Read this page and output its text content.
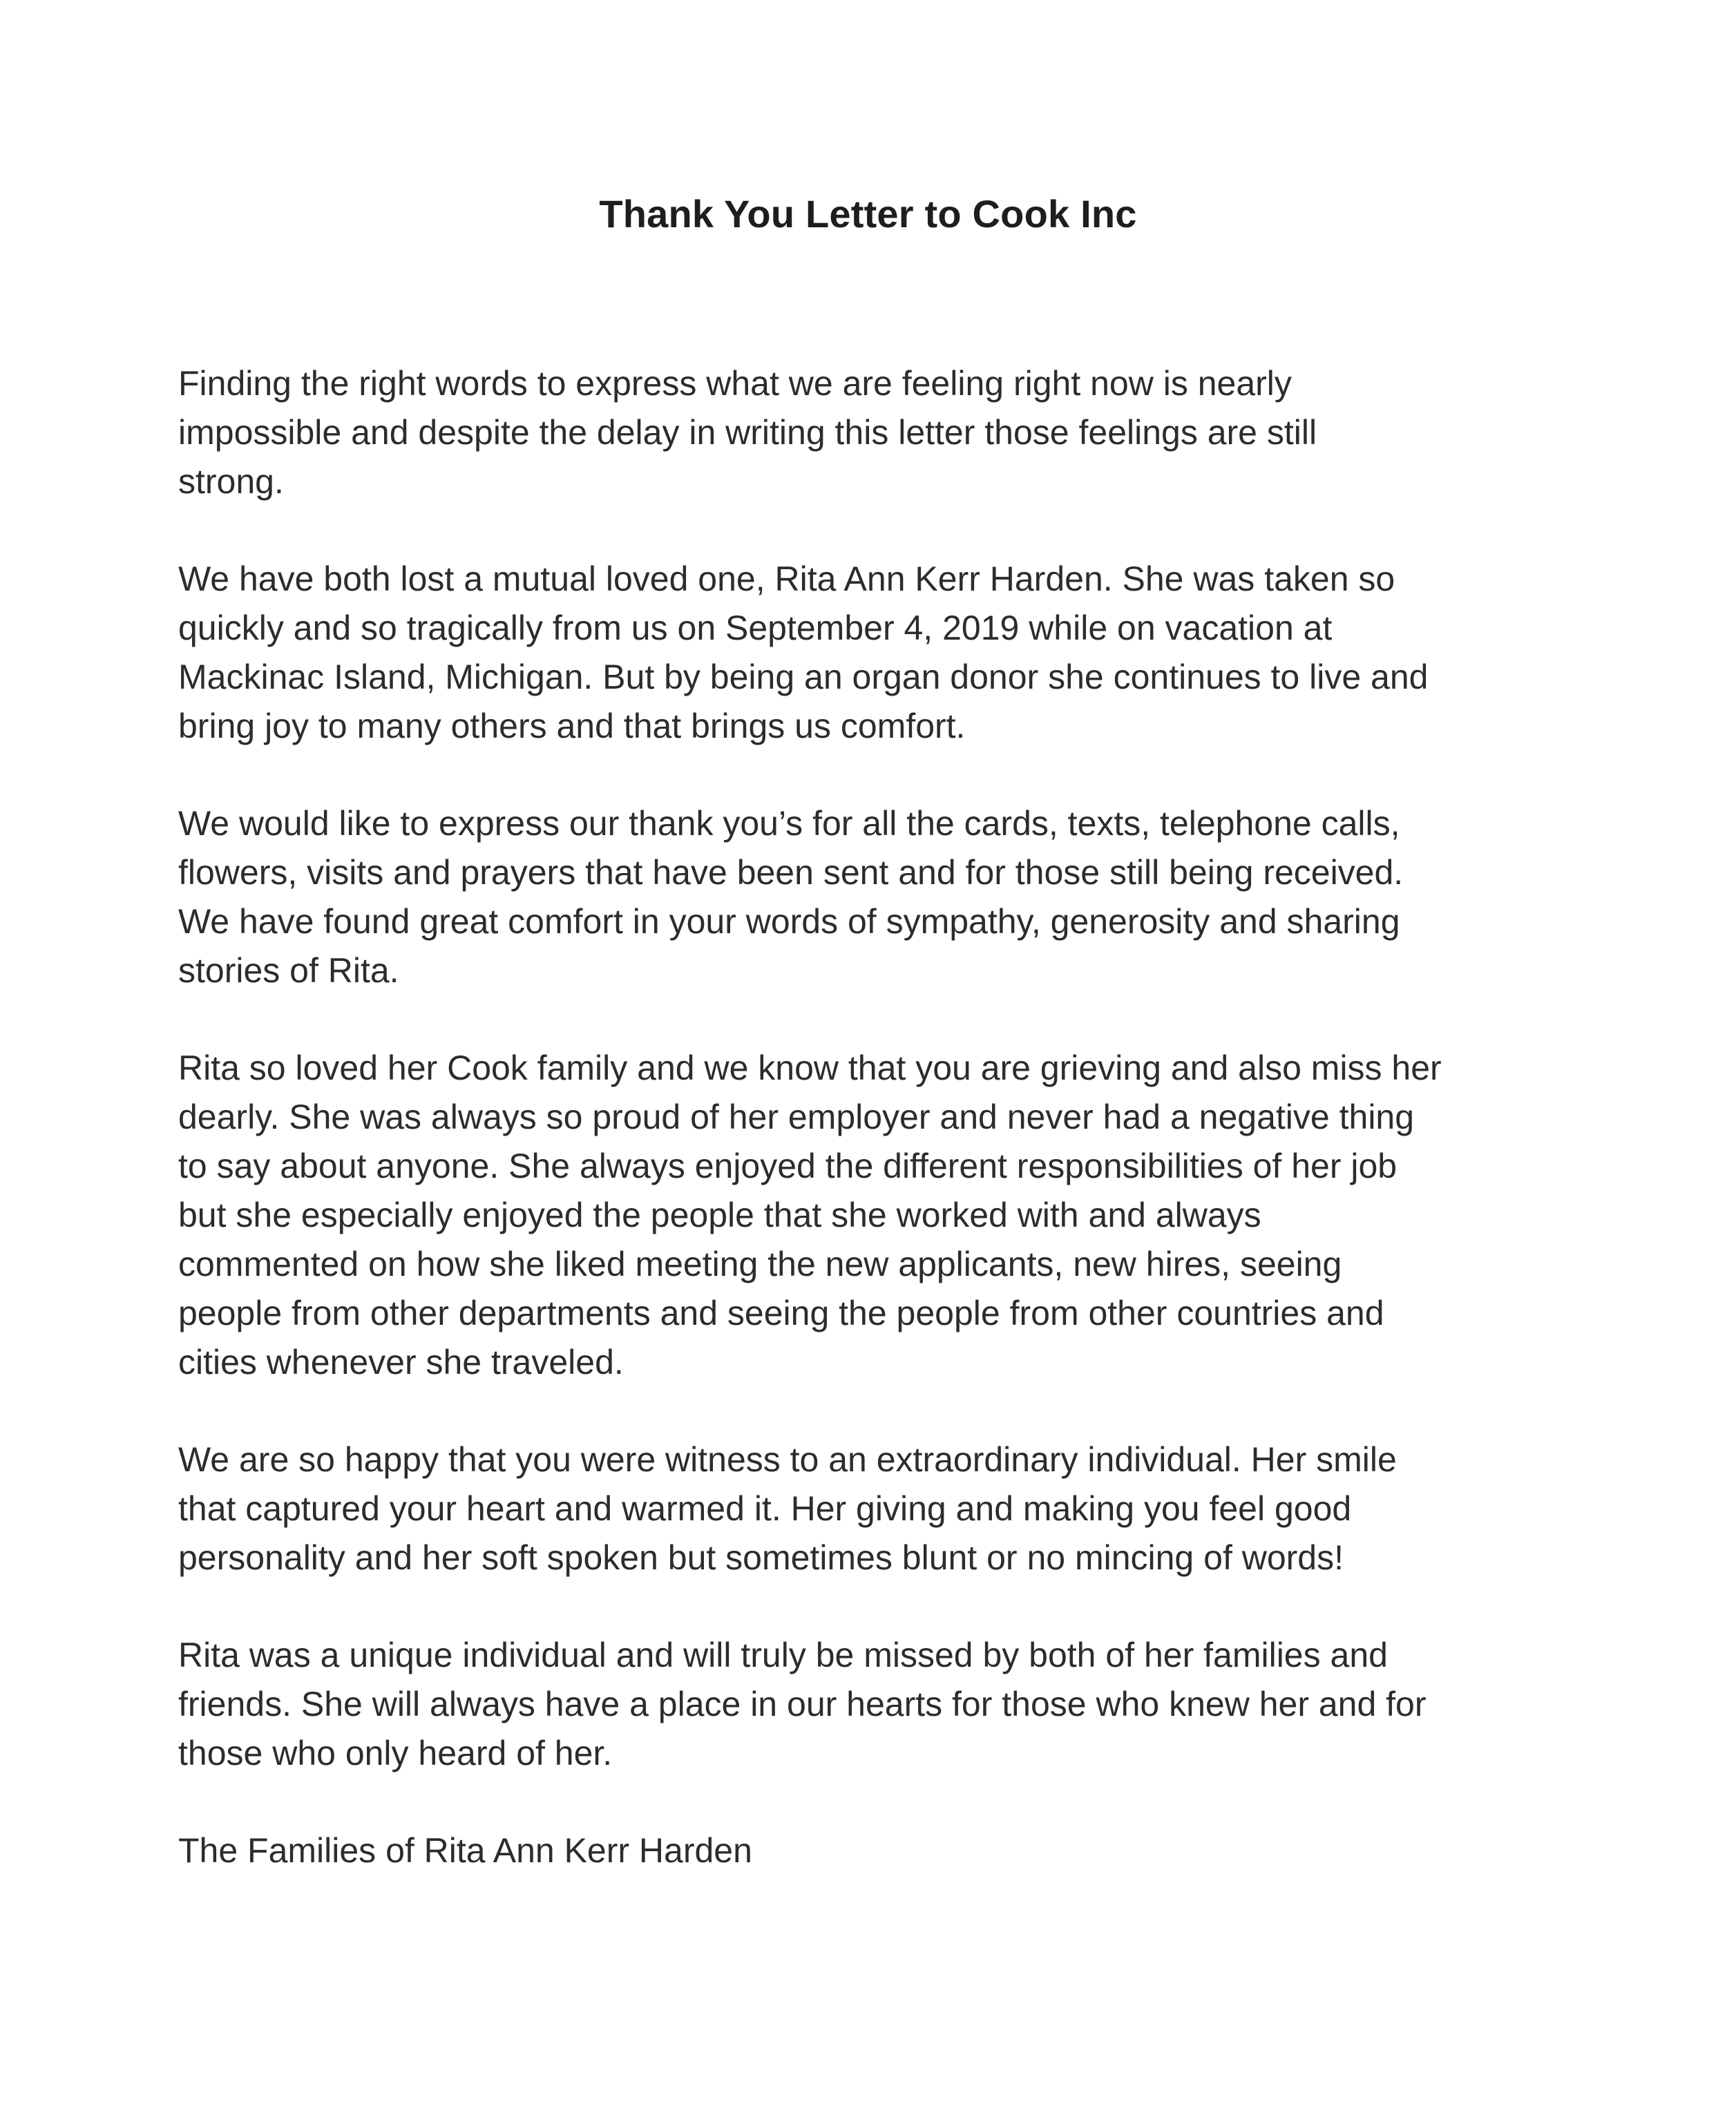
Thank You Letter to Cook Inc

Finding the right words to express what we are feeling right now is nearly
impossible and despite the delay in writing this letter those feelings are still
strong.

We have both lost a mutual loved one, Rita Ann Kerr Harden. She was taken so
quickly and so tragically from us on September 4, 2019 while on vacation at
Mackinac Island, Michigan. But by being an organ donor she continues to live and
bring joy to many others and that brings us comfort.

We would like to express our thank you’s for all the cards, texts, telephone calls,
flowers, visits and prayers that have been sent and for those still being received.
We have found great comfort in your words of sympathy, generosity and sharing
stories of Rita.

Rita so loved her Cook family and we know that you are grieving and also miss her
dearly. She was always so proud of her employer and never had a negative thing
to say about anyone. She always enjoyed the different responsibilities of her job
but she especially enjoyed the people that she worked with and always
commented on how she liked meeting the new applicants, new hires, seeing
people from other departments and seeing the people from other countries and
cities whenever she traveled.

We are so happy that you were witness to an extraordinary individual. Her smile
that captured your heart and warmed it. Her giving and making you feel good
personality and her soft spoken but sometimes blunt or no mincing of words!

Rita was a unique individual and will truly be missed by both of her families and
friends. She will always have a place in our hearts for those who knew her and for
those who only heard of her.

The Families of Rita Ann Kerr Harden
